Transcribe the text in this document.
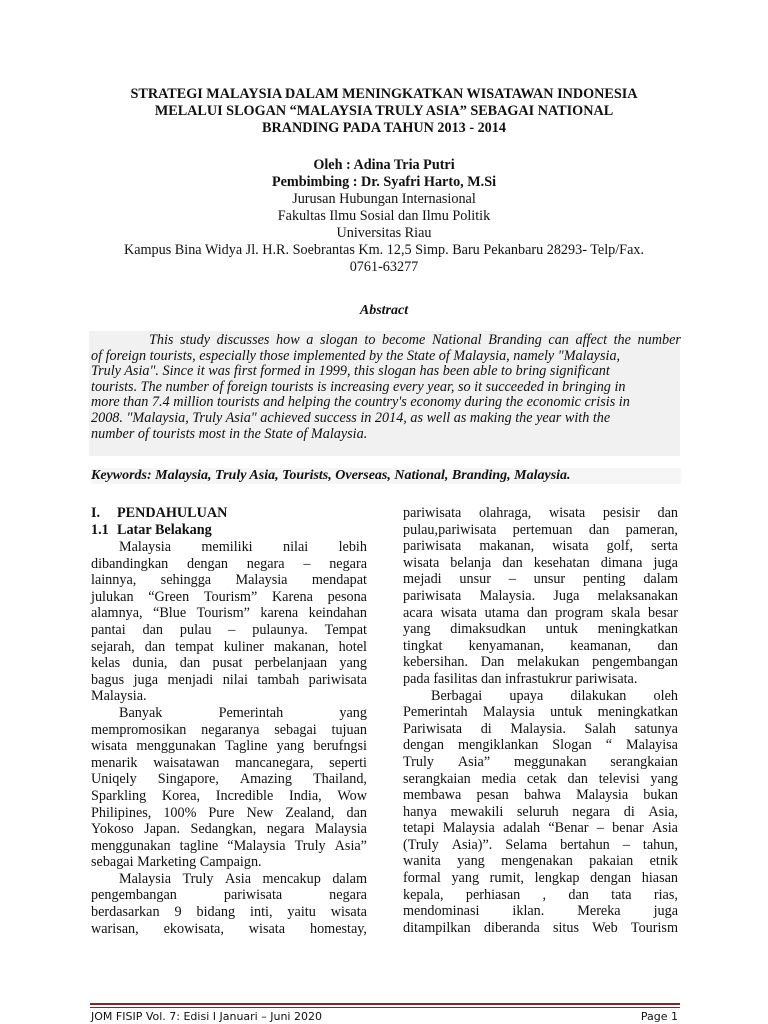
STRATEGI MALAYSIA DALAM MENINGKATKAN WISATAWAN INDONESIA
MELALUI SLOGAN “MALAYSIA TRULY ASIA” SEBAGAI NATIONAL
BRANDING PADA TAHUN 2013 - 2014
Oleh : Adina Tria Putri
Pembimbing : Dr. Syafri Harto, M.Si
Jurusan Hubungan Internasional
Fakultas Ilmu Sosial dan Ilmu Politik
Universitas Riau
Kampus Bina Widya Jl. H.R. Soebrantas Km. 12,5 Simp. Baru Pekanbaru 28293- Telp/Fax.
0761-63277
Abstract
This study discusses how a slogan to become National Branding can affect the number
of foreign tourists, especially those implemented by the State of Malaysia, namely "Malaysia,
Truly Asia". Since it was first formed in 1999, this slogan has been able to bring significant
tourists. The number of foreign tourists is increasing every year, so it succeeded in bringing in
more than 7.4 million tourists and helping the country's economy during the economic crisis in
2008. "Malaysia, Truly Asia" achieved success in 2014, as well as making the year with the
number of tourists most in the State of Malaysia.
Keywords: Malaysia, Truly Asia, Tourists, Overseas, National, Branding, Malaysia.
I.	PENDAHULUAN
1.1 Latar Belakang
Malaysia memiliki nilai lebih
dibandingkan dengan negara – negara
lainnya, sehingga Malaysia mendapat
julukan “Green Tourism” Karena pesona
alamnya, “Blue Tourism” karena keindahan
pantai dan pulau – pulaunya. Tempat
sejarah, dan tempat kuliner makanan, hotel
kelas dunia, dan pusat perbelanjaan yang
bagus juga menjadi nilai tambah pariwisata
Malaysia.
Banyak	Pemerintah	yang
mempromosikan negaranya sebagai tujuan
wisata menggunakan Tagline yang berufngsi
menarik waisatawan mancanegara, seperti
Uniqely Singapore, Amazing Thailand,
Sparkling Korea, Incredible India, Wow
Philipines, 100% Pure New Zealand, dan
Yokoso Japan. Sedangkan, negara Malaysia
menggunakan tagline “Malaysia Truly Asia”
sebagai Marketing Campaign.
Malaysia Truly Asia mencakup dalam
pengembangan	pariwisata	negara
berdasarkan 9 bidang inti, yaitu wisata
warisan, ekowisata, wisata homestay,
pariwisata olahraga, wisata pesisir dan
pulau,pariwisata pertemuan dan pameran,
pariwisata makanan, wisata golf, serta
wisata belanja dan kesehatan dimana juga
mejadi unsur – unsur penting dalam
pariwisata Malaysia. Juga melaksanakan
acara wisata utama dan program skala besar
yang dimaksudkan untuk meningkatkan
tingkat kenyamanan, keamanan, dan
kebersihan. Dan melakukan pengembangan
pada fasilitas dan infrastukrur pariwisata.
Berbagai upaya dilakukan oleh
Pemerintah Malaysia untuk meningkatkan
Pariwisata di Malaysia. Salah satunya
dengan mengiklankan Slogan “ Malayisa
Truly Asia” meggunakan serangkaian
serangkaian media cetak dan televisi yang
membawa pesan bahwa Malaysia bukan
hanya mewakili seluruh negara di Asia,
tetapi Malaysia adalah “Benar – benar Asia
(Truly Asia)”. Selama bertahun – tahun,
wanita yang mengenakan pakaian etnik
formal yang rumit, lengkap dengan hiasan
kepala, perhiasan , dan tata rias,
mendominasi iklan. Mereka juga
ditampilkan diberanda situs Web Tourism
JOM FISIP Vol. 7: Edisi I Januari – Juni 2020	Page 1
